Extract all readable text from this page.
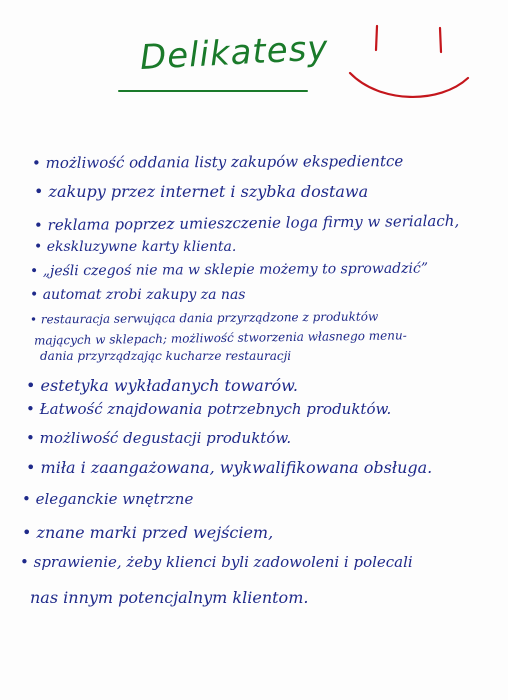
Delikatesy
• możliwość oddania listy zakupów ekspedientce
• zakupy przez internet i szybka dostawa
• reklama poprzez umieszczenie loga firmy w serialach,
• ekskluzywne karty klienta.
• „jeśli czegoś nie ma w sklepie możemy to sprowadzić”
• automat zrobi zakupy za nas
• restauracja serwująca dania przyrządzone z produktów
mających w sklepach; możliwość stworzenia własnego menu-
dania przyrządzając kucharze restauracji
• estetyka wykładanych towarów.
• Łatwość znajdowania potrzebnych produktów.
• możliwość degustacji produktów.
• miła i zaangażowana, wykwalifikowana obsługa.
• eleganckie wnętrzne
• znane marki przed wejściem,
• sprawienie, żeby klienci byli zadowoleni i polecali
nas innym potencjalnym klientom.
